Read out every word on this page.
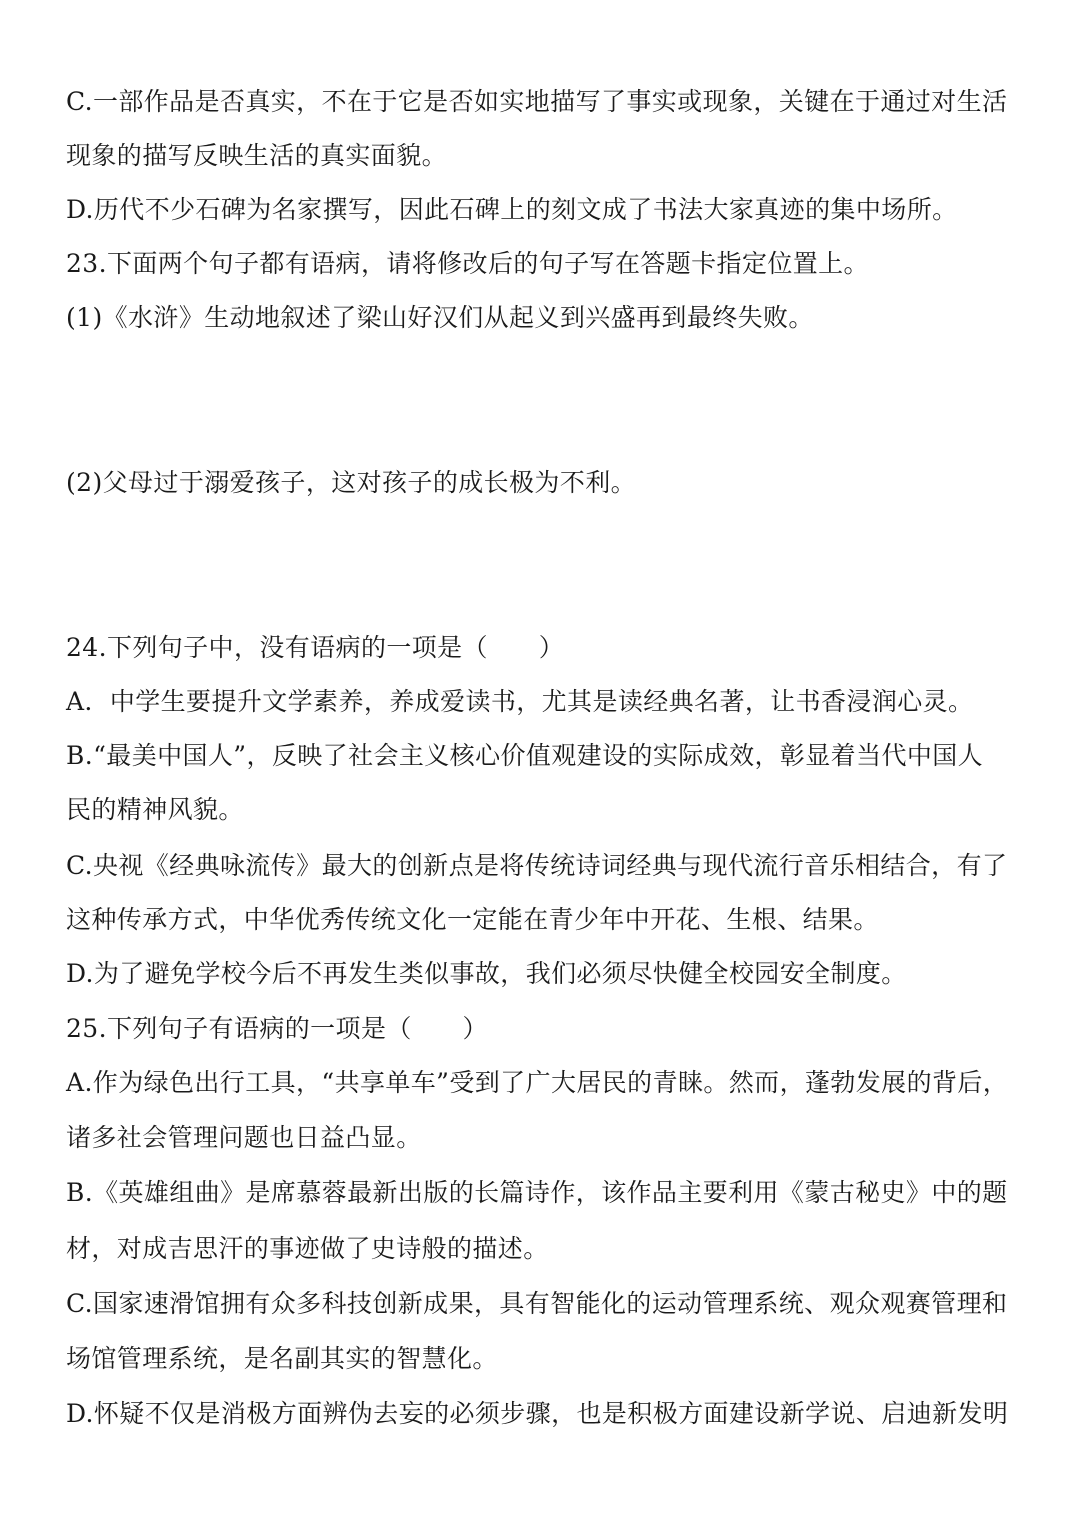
C.一部作品是否真实，不在于它是否如实地描写了事实或现象，关键在于通过对生活
现象的描写反映生活的真实面貌。
D.历代不少石碑为名家撰写，因此石碑上的刻文成了书法大家真迹的集中场所。
23.下面两个句子都有语病，请将修改后的句子写在答题卡指定位置上。
(1)《水浒》生动地叙述了梁山好汉们从起义到兴盛再到最终失败。
(2)父母过于溺爱孩子，这对孩子的成长极为不利。
24.下列句子中，没有语病的一项是（　　）
A．中学生要提升文学素养，养成爱读书，尤其是读经典名著，让书香浸润心灵。
B.“最美中国人”，反映了社会主义核心价值观建设的实际成效，彰显着当代中国人
民的精神风貌。
C.央视《经典咏流传》最大的创新点是将传统诗词经典与现代流行音乐相结合，有了
这种传承方式，中华优秀传统文化一定能在青少年中开花、生根、结果。
D.为了避免学校今后不再发生类似事故，我们必须尽快健全校园安全制度。
25.下列句子有语病的一项是（　　）
A.作为绿色出行工具，“共享单车”受到了广大居民的青睐。然而，蓬勃发展的背后，
诸多社会管理问题也日益凸显。
B.《英雄组曲》是席慕蓉最新出版的长篇诗作，该作品主要利用《蒙古秘史》中的题
材，对成吉思汗的事迹做了史诗般的描述。
C.国家速滑馆拥有众多科技创新成果，具有智能化的运动管理系统、观众观赛管理和
场馆管理系统，是名副其实的智慧化。
D.怀疑不仅是消极方面辨伪去妄的必须步骤，也是积极方面建设新学说、启迪新发明
